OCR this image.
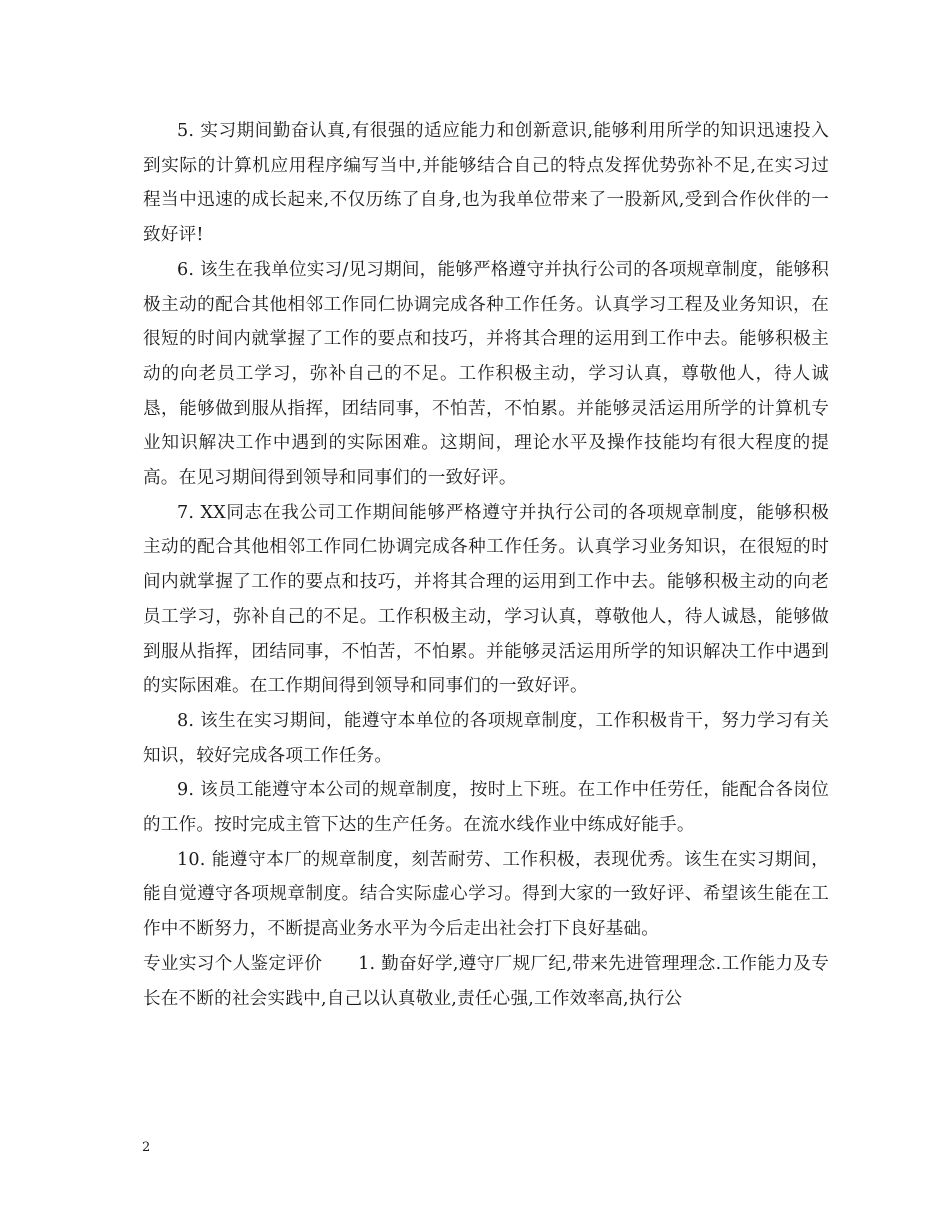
5. 实习期间勤奋认真,有很强的适应能力和创新意识,能够利用所学的知识迅速投入到实际的计算机应用程序编写当中,并能够结合自己的特点发挥优势弥补不足,在实习过程当中迅速的成长起来,不仅历练了自身,也为我单位带来了一股新风,受到合作伙伴的一致好评!

6. 该生在我单位实习/见习期间，能够严格遵守并执行公司的各项规章制度，能够积极主动的配合其他相邻工作同仁协调完成各种工作任务。认真学习工程及业务知识，在很短的时间内就掌握了工作的要点和技巧，并将其合理的运用到工作中去。能够积极主动的向老员工学习，弥补自己的不足。工作积极主动，学习认真，尊敬他人，待人诚恳，能够做到服从指挥，团结同事，不怕苦，不怕累。并能够灵活运用所学的计算机专业知识解决工作中遇到的实际困难。这期间，理论水平及操作技能均有很大程度的提高。在见习期间得到领导和同事们的一致好评。

7. XX同志在我公司工作期间能够严格遵守并执行公司的各项规章制度，能够积极主动的配合其他相邻工作同仁协调完成各种工作任务。认真学习业务知识，在很短的时间内就掌握了工作的要点和技巧，并将其合理的运用到工作中去。能够积极主动的向老员工学习，弥补自己的不足。工作积极主动，学习认真，尊敬他人，待人诚恳，能够做到服从指挥，团结同事，不怕苦，不怕累。并能够灵活运用所学的知识解决工作中遇到的实际困难。在工作期间得到领导和同事们的一致好评。

8. 该生在实习期间，能遵守本单位的各项规章制度，工作积极肯干，努力学习有关知识，较好完成各项工作任务。

9. 该员工能遵守本公司的规章制度，按时上下班。在工作中任劳任，能配合各岗位的工作。按时完成主管下达的生产任务。在流水线作业中练成好能手。

10. 能遵守本厂的规章制度，刻苦耐劳、工作积极，表现优秀。该生在实习期间，能自觉遵守各项规章制度。结合实际虚心学习。得到大家的一致好评、希望该生能在工作中不断努力，不断提高业务水平为今后走出社会打下良好基础。

专业实习个人鉴定评价　　1. 勤奋好学,遵守厂规厂纪,带来先进管理理念.工作能力及专长在不断的社会实践中,自己以认真敬业,责任心强,工作效率高,执行公

2
